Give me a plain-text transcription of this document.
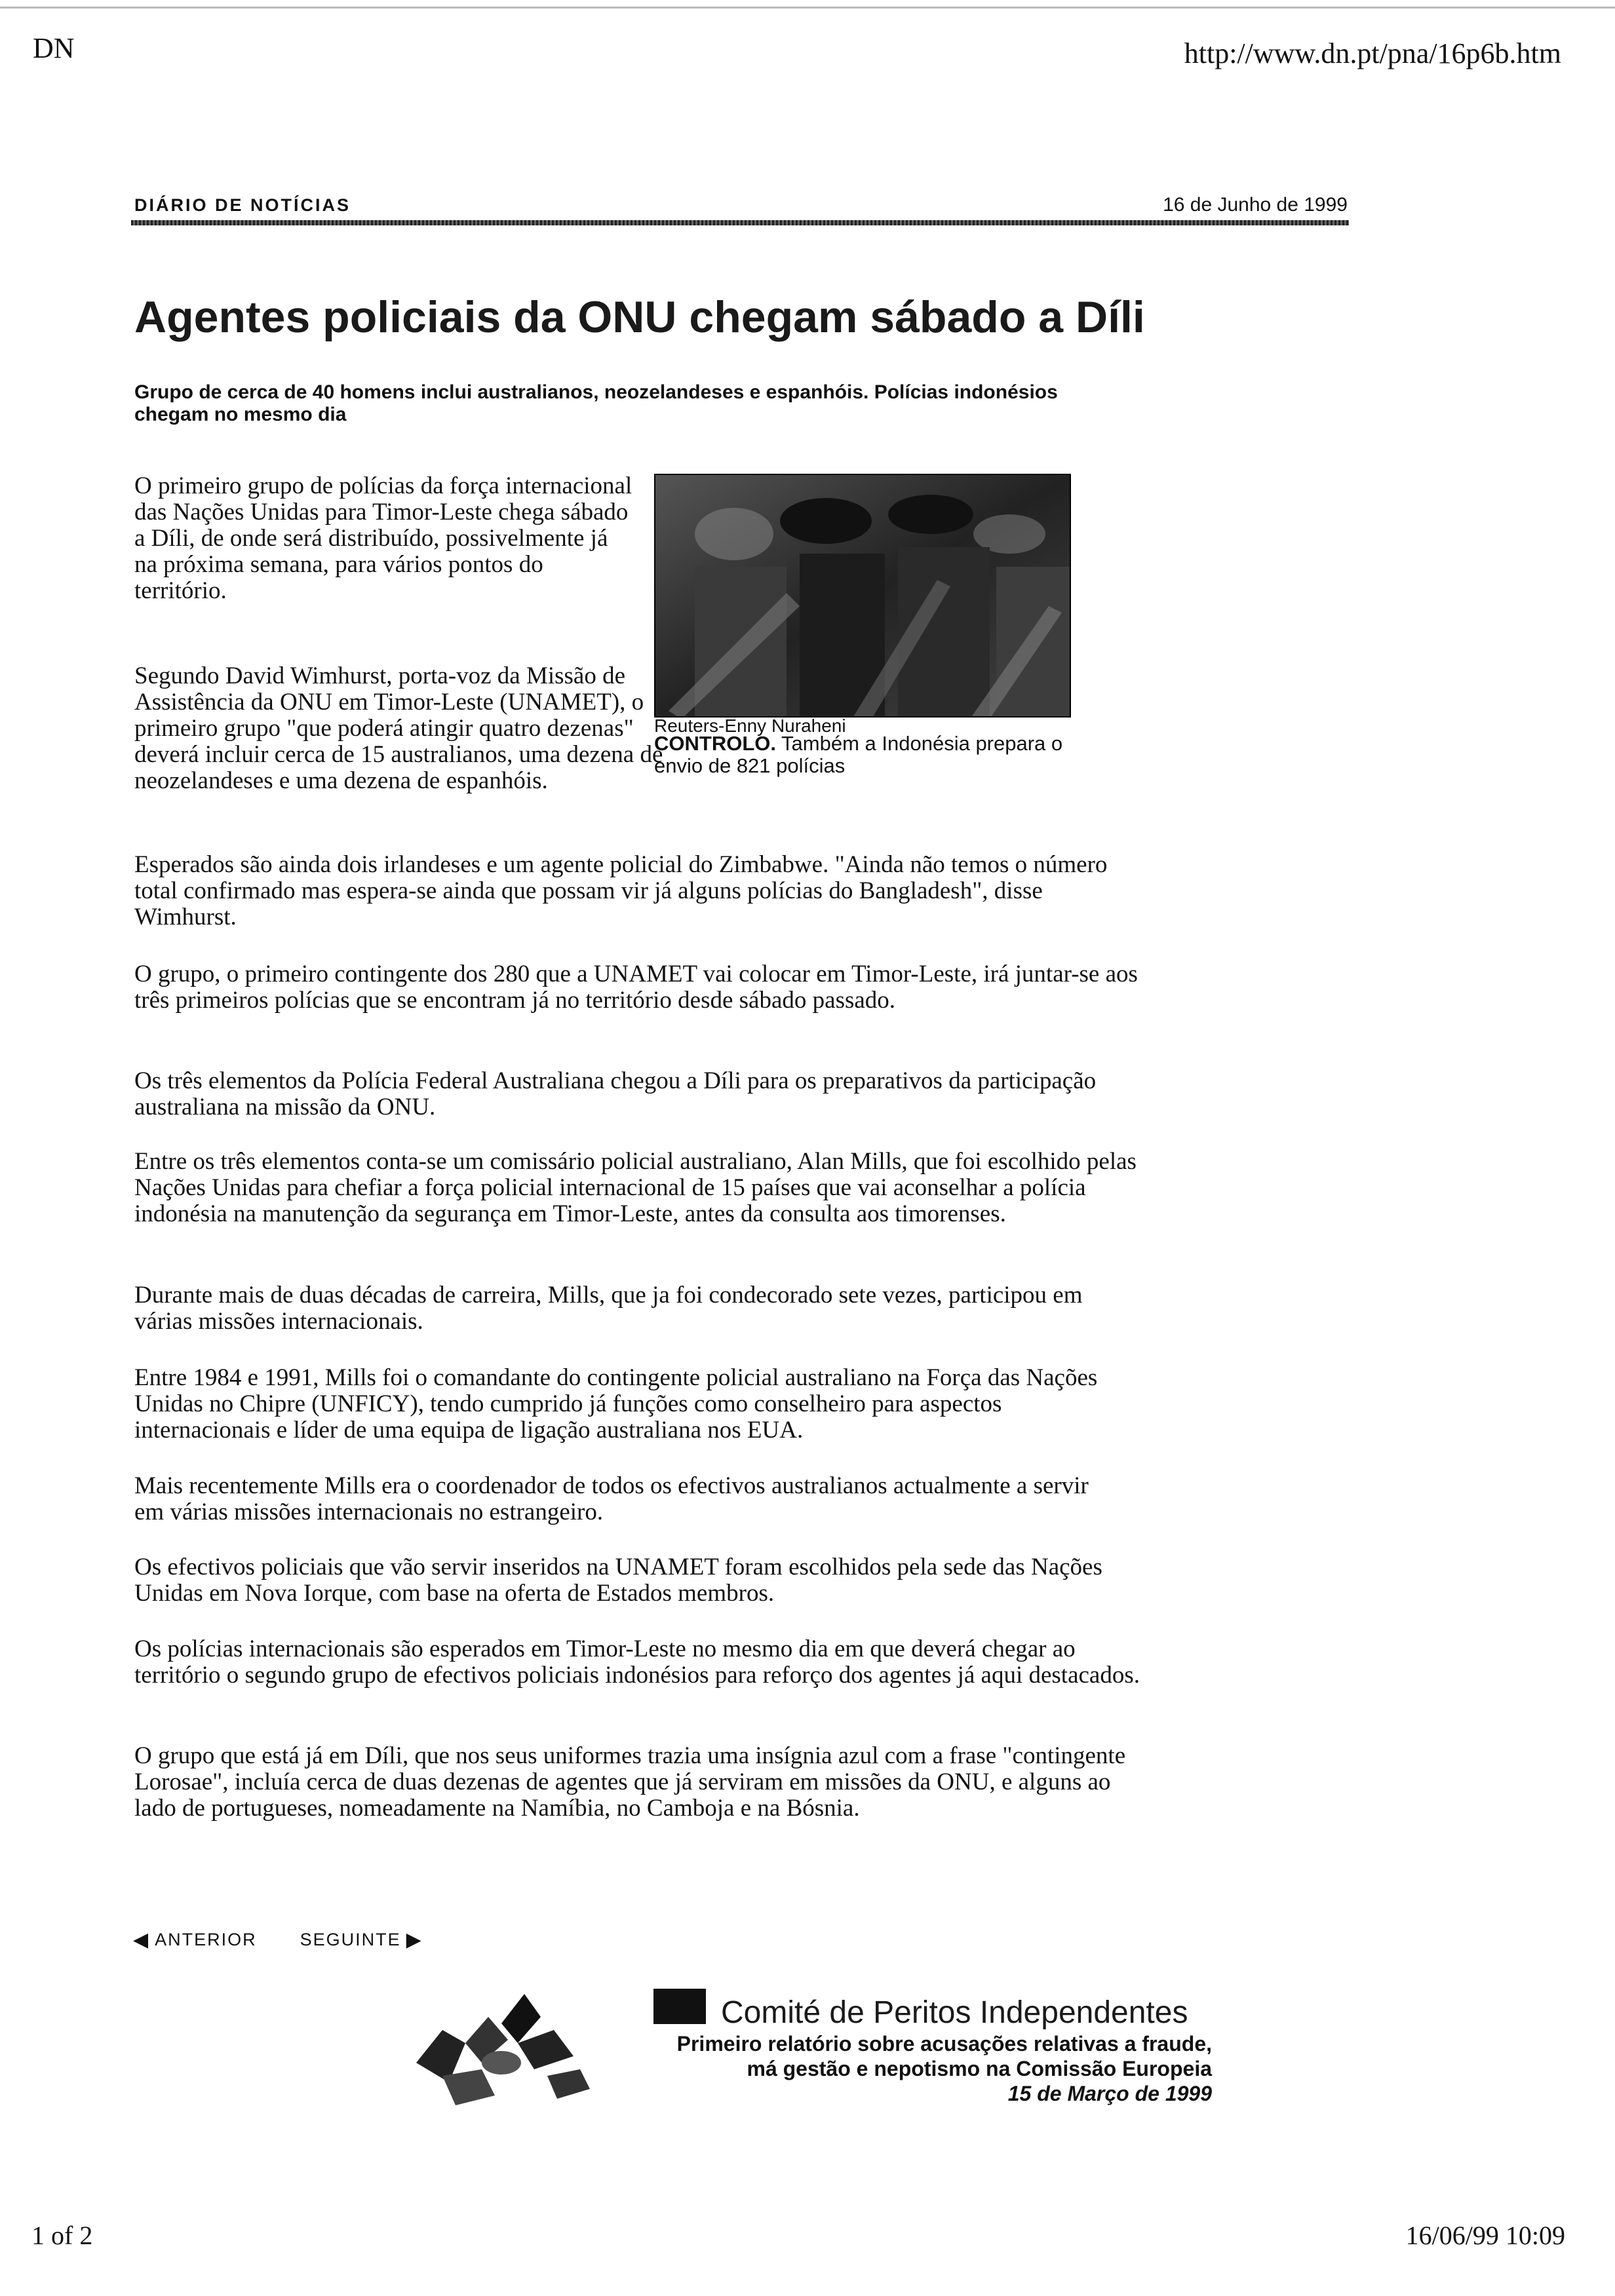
DN	http://www.dn.pt/pna/16p6b.htm
DIÁRIO DE NOTÍCIAS	16 de Junho de 1999
Agentes policiais da ONU chegam sábado a Díli
Grupo de cerca de 40 homens inclui australianos, neozelandeses e espanhóis. Polícias indonésios chegam no mesmo dia
O primeiro grupo de polícias da força internacional das Nações Unidas para Timor-Leste chega sábado a Díli, de onde será distribuído, possivelmente já na próxima semana, para vários pontos do território.
Segundo David Wimhurst, porta-voz da Missão de Assistência da ONU em Timor-Leste (UNAMET), o primeiro grupo "que poderá atingir quatro dezenas" deverá incluir cerca de 15 australianos, uma dezena de neozelandeses e uma dezena de espanhóis.
Esperados são ainda dois irlandeses e um agente policial do Zimbabwe. "Ainda não temos o número total confirmado mas espera-se ainda que possam vir já alguns polícias do Bangladesh", disse Wimhurst.
O grupo, o primeiro contingente dos 280 que a UNAMET vai colocar em Timor-Leste, irá juntar-se aos três primeiros polícias que se encontram já no território desde sábado passado.
Os três elementos da Polícia Federal Australiana chegou a Díli para os preparativos da participação australiana na missão da ONU.
Entre os três elementos conta-se um comissário policial australiano, Alan Mills, que foi escolhido pelas Nações Unidas para chefiar a força policial internacional de 15 países que vai aconselhar a polícia indonésia na manutenção da segurança em Timor-Leste, antes da consulta aos timorenses.
Durante mais de duas décadas de carreira, Mills, que ja foi condecorado sete vezes, participou em várias missões internacionais.
Entre 1984 e 1991, Mills foi o comandante do contingente policial australiano na Força das Nações Unidas no Chipre (UNFICY), tendo cumprido já funções como conselheiro para aspectos internacionais e líder de uma equipa de ligação australiana nos EUA.
Mais recentemente Mills era o coordenador de todos os efectivos australianos actualmente a servir em várias missões internacionais no estrangeiro.
Os efectivos policiais que vão servir inseridos na UNAMET foram escolhidos pela sede das Nações Unidas em Nova Iorque, com base na oferta de Estados membros.
Os polícias internacionais são esperados em Timor-Leste no mesmo dia em que deverá chegar ao território o segundo grupo de efectivos policiais indonésios para reforço dos agentes já aqui destacados.
O grupo que está já em Díli, que nos seus uniformes trazia uma insígnia azul com a frase "contingente Lorosae", incluía cerca de duas dezenas de agentes que já serviram em missões da ONU, e alguns ao lado de portugueses, nomeadamente na Namíbia, no Camboja e na Bósnia.
Reuters-Enny Nuraheni
CONTROLO. Também a Indonésia prepara o envio de 821 polícias
◀ ANTERIOR SEGUINTE ▶
Comité de Peritos Independentes
Primeiro relatório sobre acusações relativas a fraude,
má gestão e nepotismo na Comissão Europeia
15 de Março de 1999
1 of 2	16/06/99 10:09
